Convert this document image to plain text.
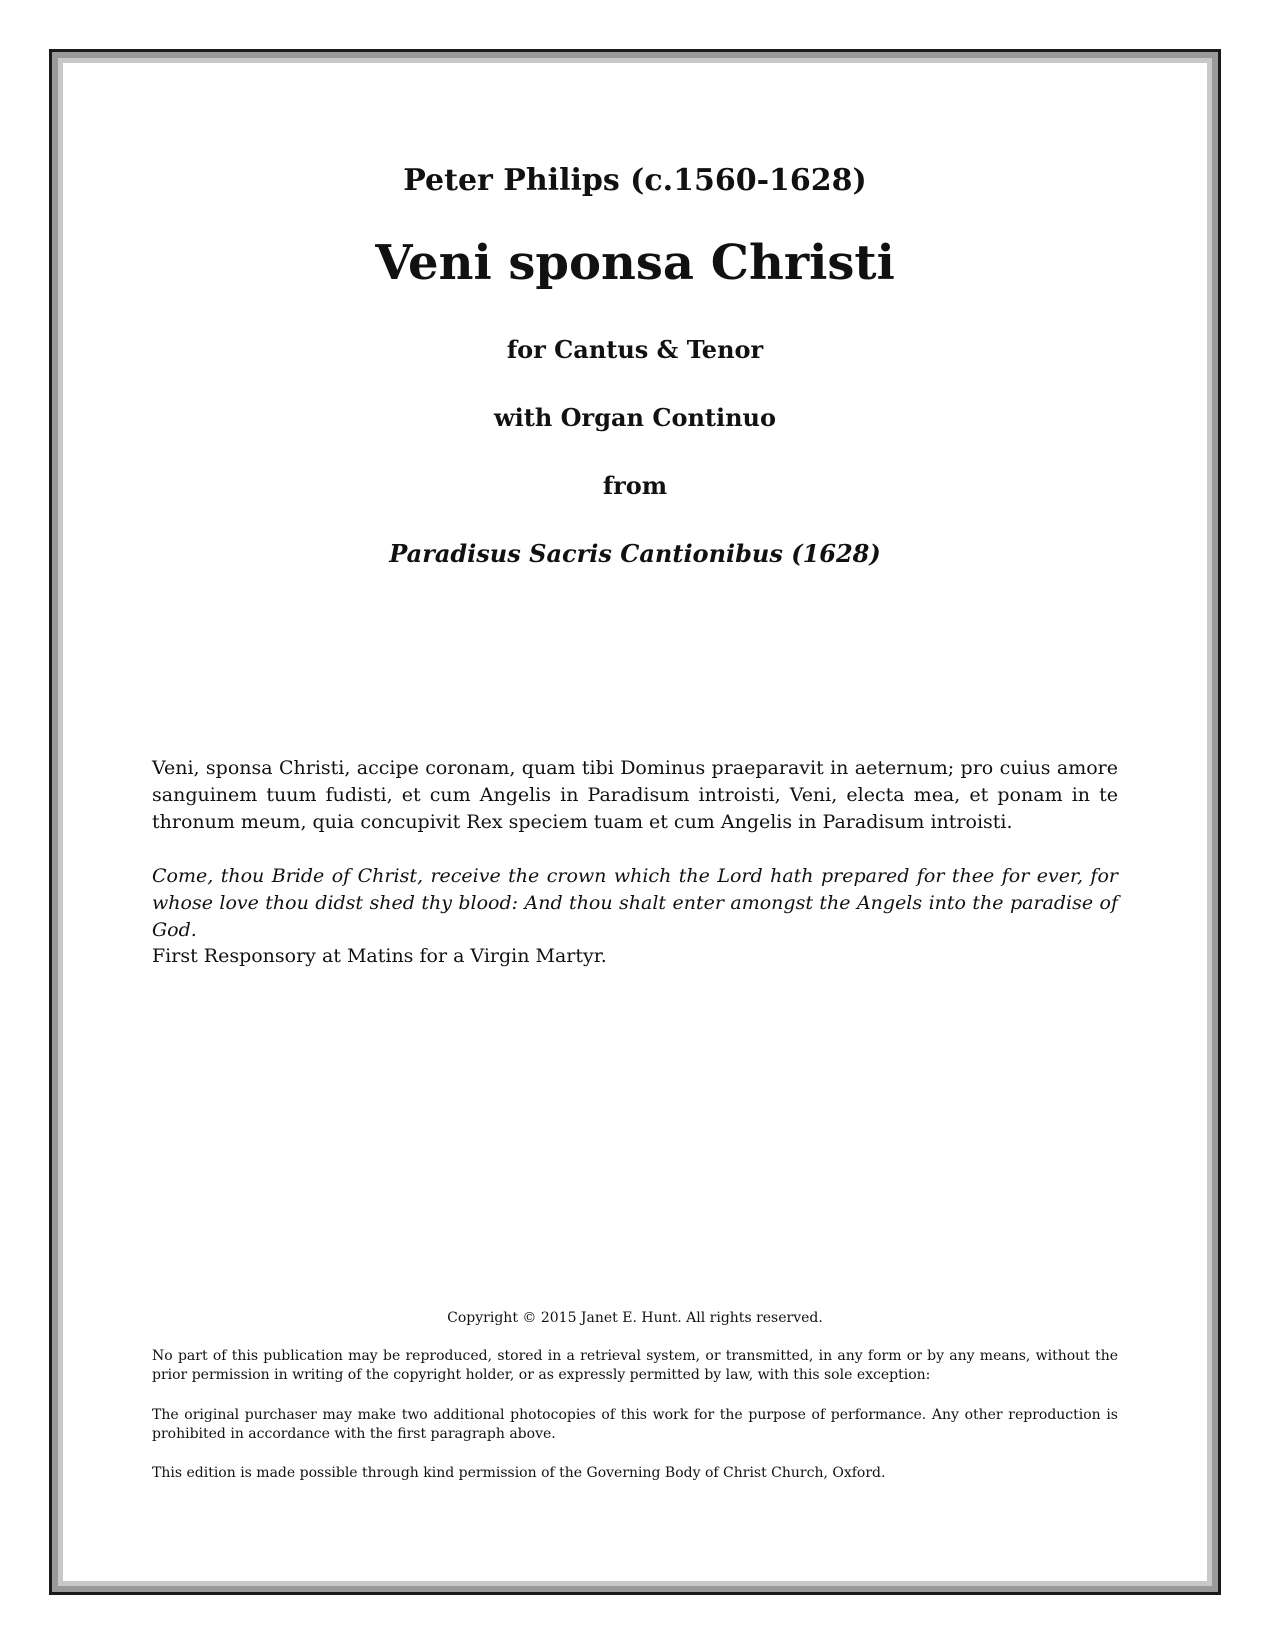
Peter Philips (c.1560-1628)
Veni sponsa Christi
for Cantus & Tenor
with Organ Continuo
from
Paradisus Sacris Cantionibus (1628)
Veni, sponsa Christi, accipe coronam, quam tibi Dominus praeparavit in aeternum; pro cuius amore sanguinem tuum fudisti, et cum Angelis in Paradisum introisti, Veni, electa mea, et ponam in te thronum meum, quia concupivit Rex speciem tuam et cum Angelis in Paradisum introisti.
Come, thou Bride of Christ, receive the crown which the Lord hath prepared for thee for ever, for whose love thou didst shed thy blood: And thou shalt enter amongst the Angels into the paradise of God.
First Responsory at Matins for a Virgin Martyr.
Copyright © 2015 Janet E. Hunt. All rights reserved.
No part of this publication may be reproduced, stored in a retrieval system, or transmitted, in any form or by any means, without the prior permission in writing of the copyright holder, or as expressly permitted by law, with this sole exception:
The original purchaser may make two additional photocopies of this work for the purpose of performance. Any other reproduction is prohibited in accordance with the first paragraph above.
This edition is made possible through kind permission of the Governing Body of Christ Church, Oxford.
